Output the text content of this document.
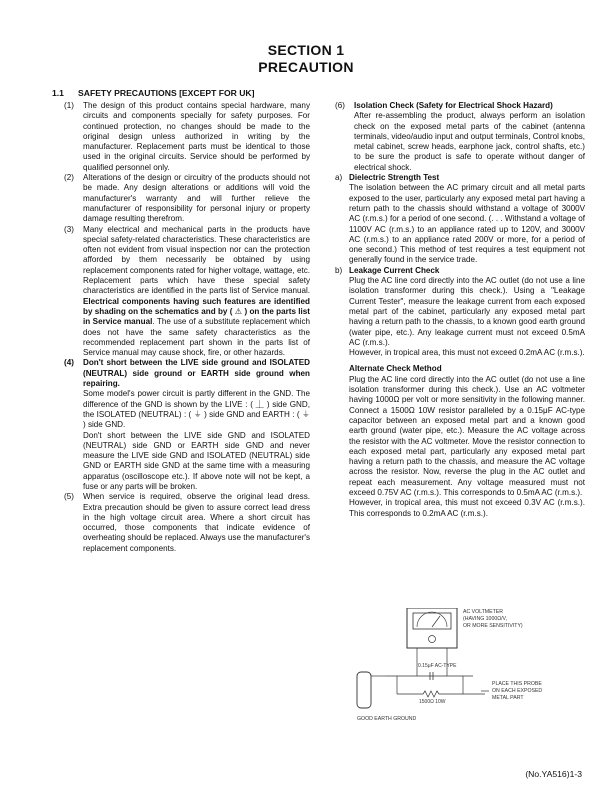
SECTION 1
PRECAUTION
1.1 SAFETY PRECAUTIONS [EXCEPT FOR UK]
(1)	The design of this product contains special hardware, many circuits and components specially for safety purposes. For continued protection, no changes should be made to the original design unless authorized in writing by the manufacturer. Replacement parts must be identical to those used in the original circuits. Service should be performed by qualified personnel only.
(2)	Alterations of the design or circuitry of the products should not be made. Any design alterations or additions will void the manufacturer's warranty and will further relieve the manufacturer of responsibility for personal injury or property damage resulting therefrom.
(3)	Many electrical and mechanical parts in the products have special safety-related characteristics. These characteristics are often not evident from visual inspection nor can the protection afforded by them necessarily be obtained by using replacement components rated for higher voltage, wattage, etc. Replacement parts which have these special safety characteristics are identified in the parts list of Service manual. Electrical components having such features are identified by shading on the schematics and by ( ⚠ ) on the parts list in Service manual. The use of a substitute replacement which does not have the same safety characteristics as the recommended replacement part shown in the parts list of Service manual may cause shock, fire, or other hazards.
(4)	Don't short between the LIVE side ground and ISOLATED (NEUTRAL) side ground or EARTH side ground when repairing.
Some model's power circuit is partly different in the GND. The difference of the GND is shown by the LIVE : ( ⏊ ) side GND, the ISOLATED (NEUTRAL) : ( ⏚ ) side GND and EARTH : ( ⏚ ) side GND.
Don't short between the LIVE side GND and ISOLATED (NEUTRAL) side GND or EARTH side GND and never measure the LIVE side GND and ISOLATED (NEUTRAL) side GND or EARTH side GND at the same time with a measuring apparatus (oscilloscope etc.). If above note will not be kept, a fuse or any parts will be broken.
(5)	When service is required, observe the original lead dress. Extra precaution should be given to assure correct lead dress in the high voltage circuit area. Where a short circuit has occurred, those components that indicate evidence of overheating should be replaced. Always use the manufacturer's replacement components.
(6)	Isolation Check (Safety for Electrical Shock Hazard)
After re-assembling the product, always perform an isolation check on the exposed metal parts of the cabinet (antenna terminals, video/audio input and output terminals, Control knobs, metal cabinet, screw heads, earphone jack, control shafts, etc.) to be sure the product is safe to operate without danger of electrical shock.
a) Dielectric Strength Test
The isolation between the AC primary circuit and all metal parts exposed to the user, particularly any exposed metal part having a return path to the chassis should withstand a voltage of 3000V AC (r.m.s.) for a period of one second. (. . . Withstand a voltage of 1100V AC (r.m.s.) to an appliance rated up to 120V, and 3000V AC (r.m.s.) to an appliance rated 200V or more, for a period of one second.) This method of test requires a test equipment not generally found in the service trade.
b) Leakage Current Check
Plug the AC line cord directly into the AC outlet (do not use a line isolation transformer during this check.). Using a "Leakage Current Tester", measure the leakage current from each exposed metal part of the cabinet, particularly any exposed metal part having a return path to the chassis, to a known good earth ground (water pipe, etc.). Any leakage current must not exceed 0.5mA AC (r.m.s.).
However, in tropical area, this must not exceed 0.2mA AC (r.m.s.).
Alternate Check Method
Plug the AC line cord directly into the AC outlet (do not use a line isolation transformer during this check.). Use an AC voltmeter having 1000Ω per volt or more sensitivity in the following manner. Connect a 1500Ω 10W resistor paralleled by a 0.15μF AC-type capacitor between an exposed metal part and a known good earth ground (water pipe, etc.). Measure the AC voltage across the resistor with the AC voltmeter. Move the resistor connection to each exposed metal part, particularly any exposed metal part having a return path to the chassis, and measure the AC voltage across the resistor. Now, reverse the plug in the AC outlet and repeat each measurement. Any voltage measured must not exceed 0.75V AC (r.m.s.). This corresponds to 0.5mA AC (r.m.s.).
However, in tropical area, this must not exceed 0.3V AC (r.m.s.). This corresponds to 0.2mA AC (r.m.s.).
AC VOLTMETER
(HAVING 1000Ω/V,
OR MORE SENSITIVITY)
0.15μF AC-TYPE
1500Ω 10W
PLACE THIS PROBE
ON EACH EXPOSED
METAL PART
GOOD EARTH GROUND
(No.YA516)1-3
